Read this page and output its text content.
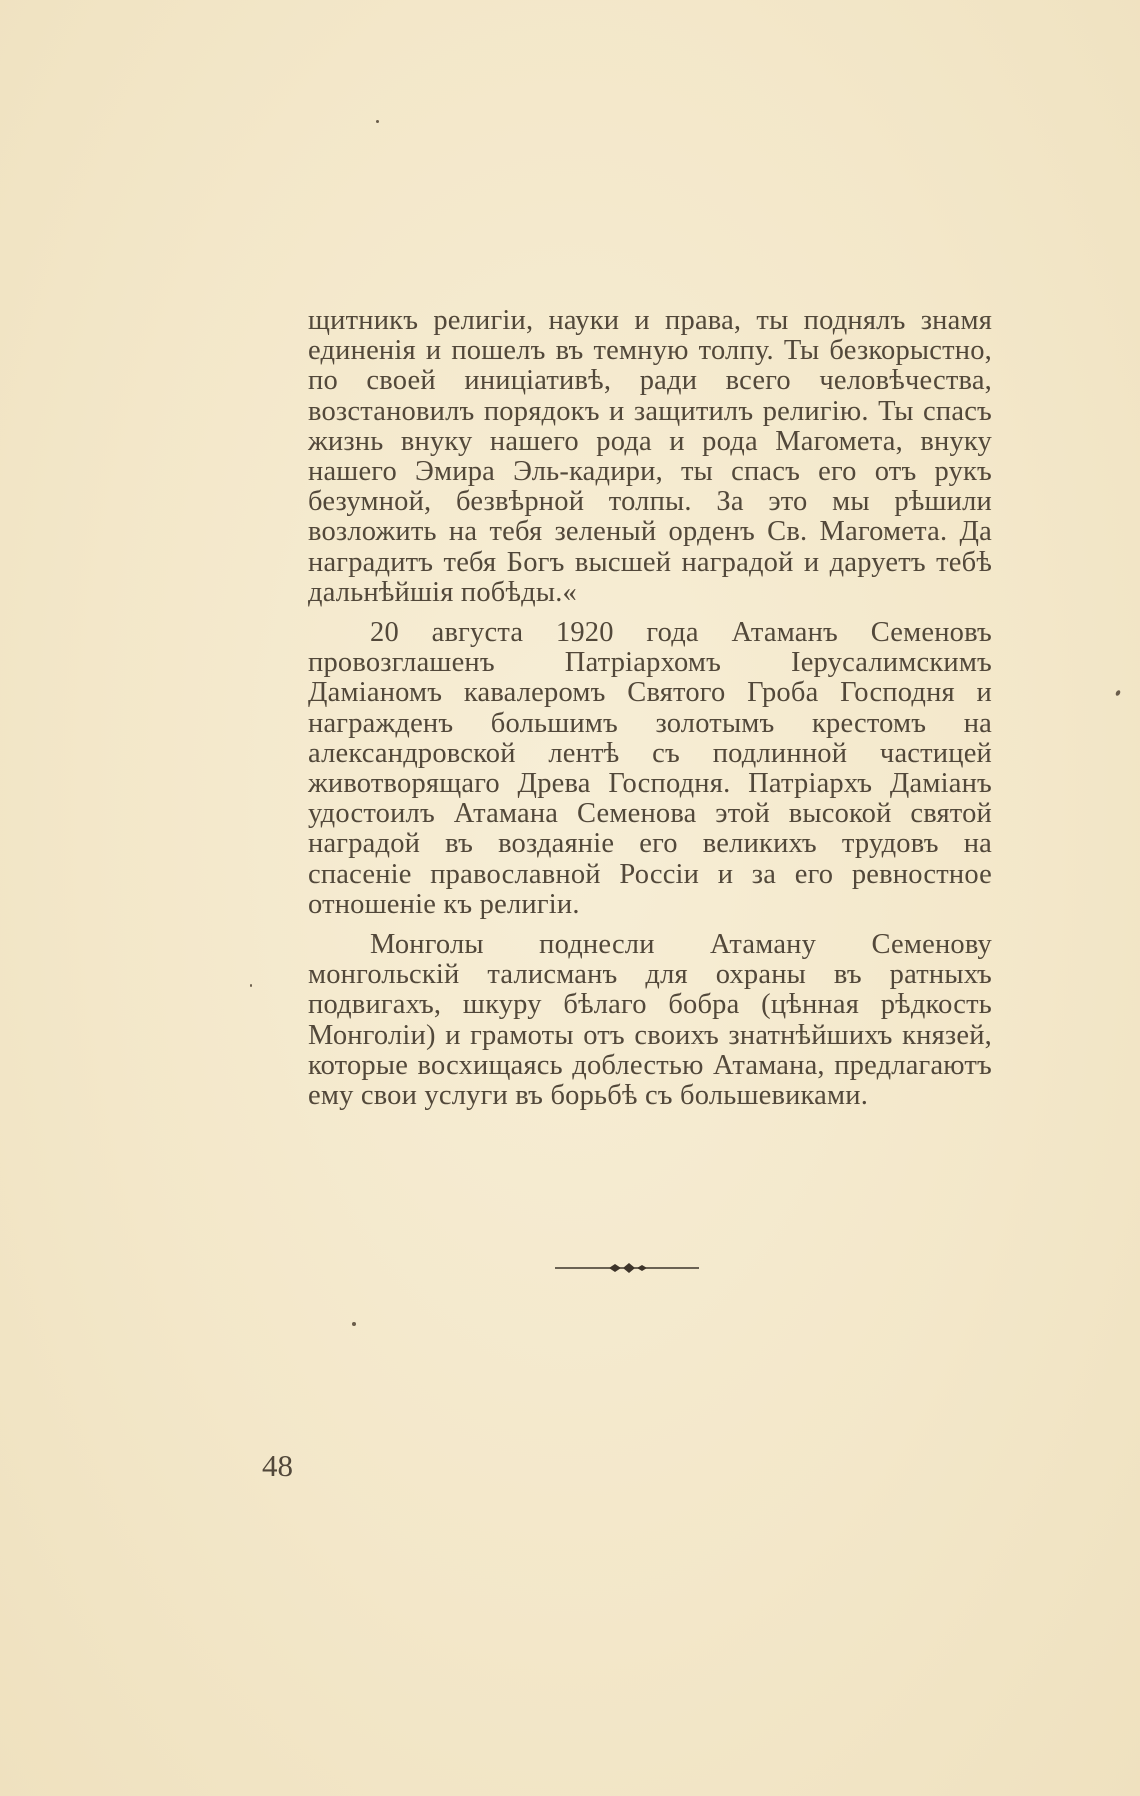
щитникъ религіи, науки и права, ты поднялъ знамя единенія и пошелъ въ темную толпу. Ты безкорыстно, по своей иниціативѣ, ради всего человѣчества, возстановилъ порядокъ и защитилъ религію. Ты спасъ жизнь внуку нашего рода и рода Магомета, внуку нашего Эмира Эль-кадири, ты спасъ его отъ рукъ безумной, безвѣрной толпы. За это мы рѣшили возложить на тебя зеленый орденъ Св. Магомета. Да наградитъ тебя Богъ высшей наградой и даруетъ тебѣ дальнѣйшія побѣды.«

20 августа 1920 года Атаманъ Семеновъ провозглашенъ Патріархомъ Іерусалимскимъ Даміаномъ кавалеромъ Святого Гроба Господня и награжденъ большимъ золотымъ крестомъ на александровской лентѣ съ подлинной частицей животворящаго Древа Господня. Патріархъ Даміанъ удостоилъ Атамана Семенова этой высокой святой наградой въ воздаяніе его великихъ трудовъ на спасеніе православной Россіи и за его ревностное отношеніе къ религіи.

Монголы поднесли Атаману Семенову монгольскій талисманъ для охраны въ ратныхъ подвигахъ, шкуру бѣлаго бобра (цѣнная рѣдкость Монголіи) и грамоты отъ своихъ знатнѣйшихъ князей, которые восхищаясь доблестью Атамана, предлагаютъ ему свои услуги въ борьбѣ съ большевиками.

48
